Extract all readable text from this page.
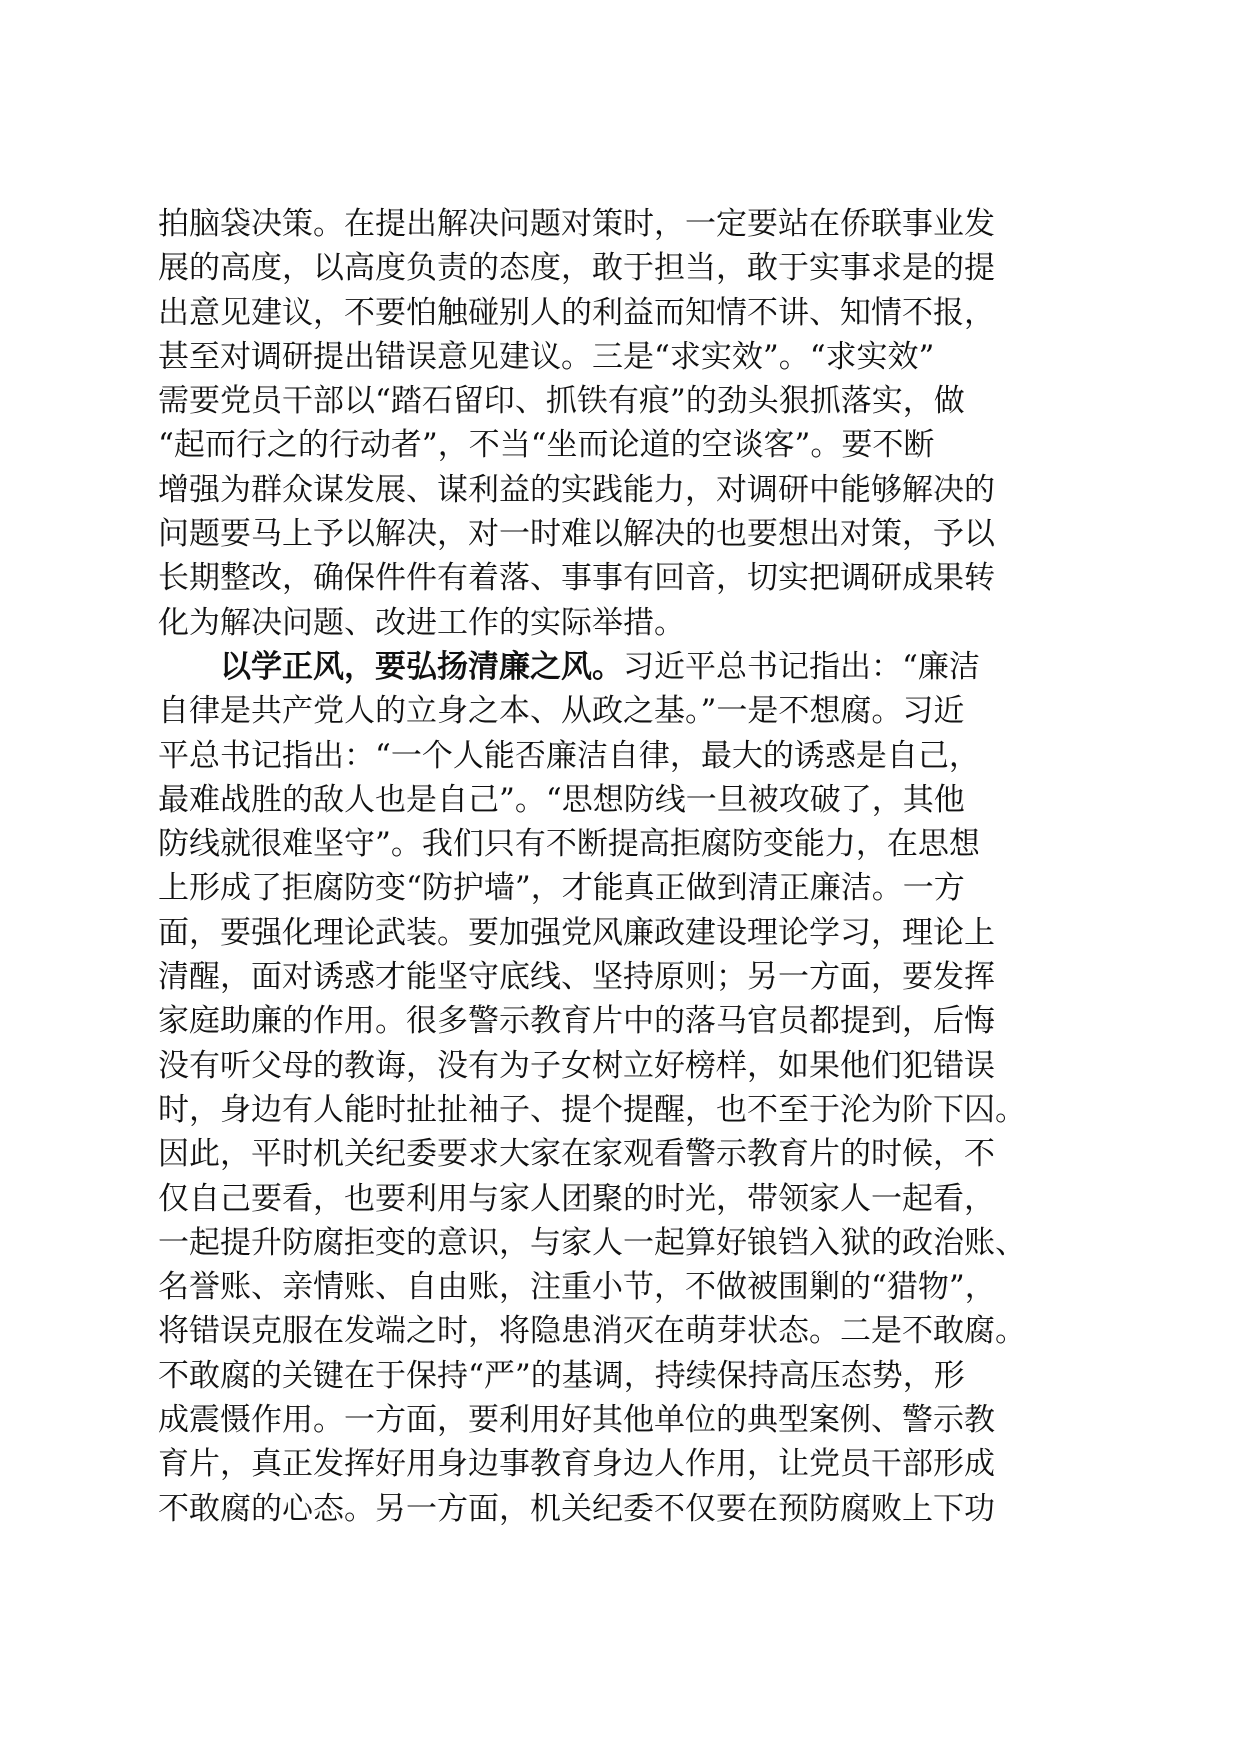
拍脑袋决策。在提出解决问题对策时，一定要站在侨联事业发
展的高度，以高度负责的态度，敢于担当，敢于实事求是的提
出意见建议，不要怕触碰别人的利益而知情不讲、知情不报，
甚至对调研提出错误意见建议。三是“求实效”。“求实效”
需要党员干部以“踏石留印、抓铁有痕”的劲头狠抓落实，做
“起而行之的行动者”，不当“坐而论道的空谈客”。要不断
增强为群众谋发展、谋利益的实践能力，对调研中能够解决的
问题要马上予以解决，对一时难以解决的也要想出对策，予以
长期整改，确保件件有着落、事事有回音，切实把调研成果转
化为解决问题、改进工作的实际举措。
以学正风，要弘扬清廉之风。习近平总书记指出：“廉洁
自律是共产党人的立身之本、从政之基。”一是不想腐。习近
平总书记指出：“一个人能否廉洁自律，最大的诱惑是自己，
最难战胜的敌人也是自己”。“思想防线一旦被攻破了，其他
防线就很难坚守”。我们只有不断提高拒腐防变能力，在思想
上形成了拒腐防变“防护墙”，才能真正做到清正廉洁。一方
面，要强化理论武装。要加强党风廉政建设理论学习，理论上
清醒，面对诱惑才能坚守底线、坚持原则；另一方面，要发挥
家庭助廉的作用。很多警示教育片中的落马官员都提到，后悔
没有听父母的教诲，没有为子女树立好榜样，如果他们犯错误
时，身边有人能时扯扯袖子、提个提醒，也不至于沦为阶下囚。
因此，平时机关纪委要求大家在家观看警示教育片的时候，不
仅自己要看，也要利用与家人团聚的时光，带领家人一起看，
一起提升防腐拒变的意识，与家人一起算好锒铛入狱的政治账、
名誉账、亲情账、自由账，注重小节，不做被围剿的“猎物”，
将错误克服在发端之时，将隐患消灭在萌芽状态。二是不敢腐。
不敢腐的关键在于保持“严”的基调，持续保持高压态势，形
成震慑作用。一方面，要利用好其他单位的典型案例、警示教
育片，真正发挥好用身边事教育身边人作用，让党员干部形成
不敢腐的心态。另一方面，机关纪委不仅要在预防腐败上下功
